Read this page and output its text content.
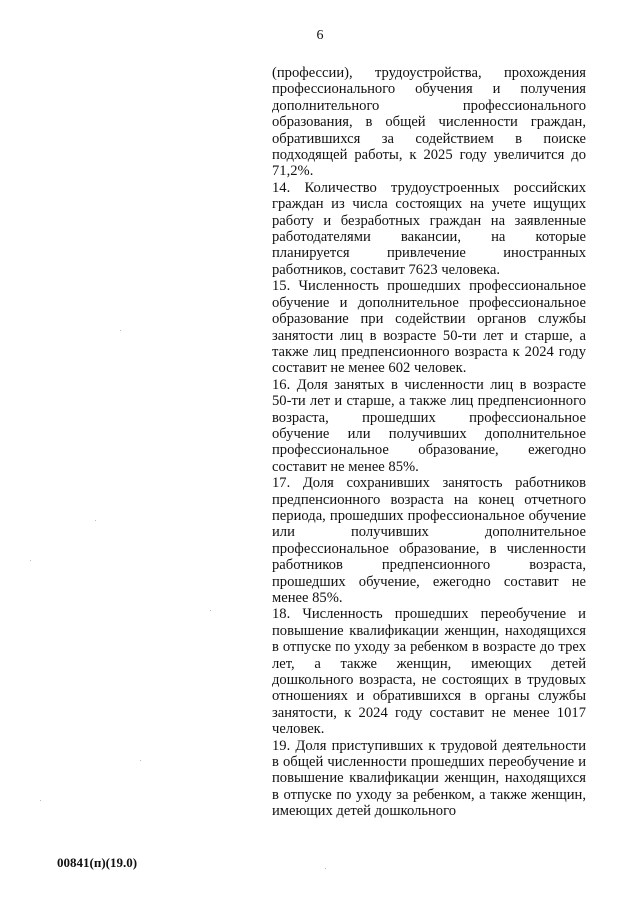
6

(профессии), трудоустройства, прохождения профессионального обучения и получения дополнительного профессионального образования, в общей численности граждан, обратившихся за содействием в поиске подходящей работы, к 2025 году увеличится до 71,2%.

14. Количество трудоустроенных российских граждан из числа состоящих на учете ищущих работу и безработных граждан на заявленные работодателями вакансии, на которые планируется привлечение иностранных работников, составит 7623 человека.

15. Численность прошедших профессиональное обучение и дополнительное профессиональное образование при содействии органов службы занятости лиц в возрасте 50-ти лет и старше, а также лиц предпенсионного возраста к 2024 году составит не менее 602 человек.

16. Доля занятых в численности лиц в возрасте 50-ти лет и старше, а также лиц предпенсионного возраста, прошедших профессиональное обучение или получивших дополнительное профессиональное образование, ежегодно составит не менее 85%.

17. Доля сохранивших занятость работников предпенсионного возраста на конец отчетного периода, прошедших профессиональное обучение или получивших дополнительное профессиональное образование, в численности работников предпенсионного возраста, прошедших обучение, ежегодно составит не менее 85%.

18. Численность прошедших переобучение и повышение квалификации женщин, находящихся в отпуске по уходу за ребенком в возрасте до трех лет, а также женщин, имеющих детей дошкольного возраста, не состоящих в трудовых отношениях и обратившихся в органы службы занятости, к 2024 году составит не менее 1017 человек.

19. Доля приступивших к трудовой деятельности в общей численности прошедших переобучение и повышение квалификации женщин, находящихся в отпуске по уходу за ребенком, а также женщин, имеющих детей дошкольного

00841(п)(19.0)
